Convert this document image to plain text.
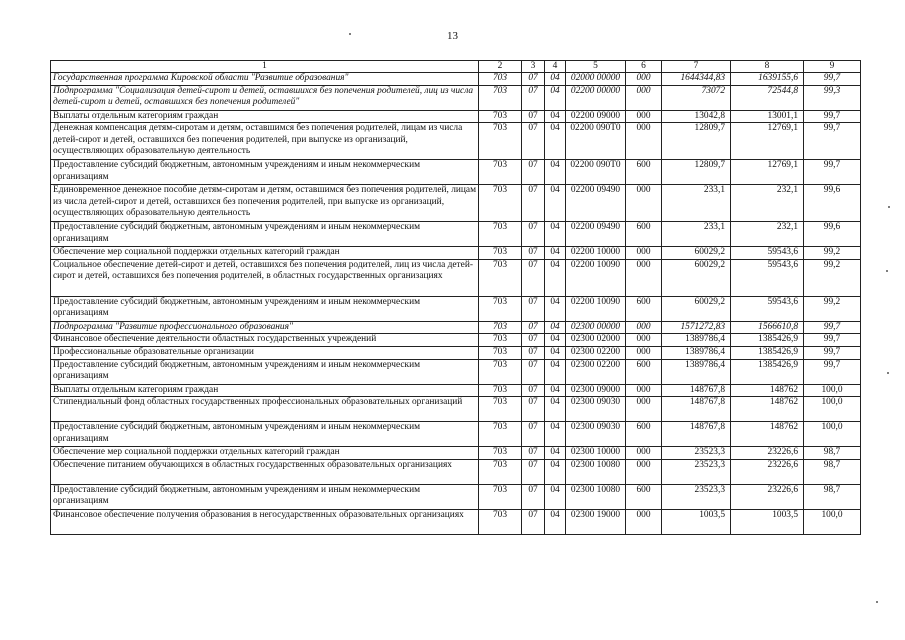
13
1	2	3	4	5	6	7	8	9
Государственная программа Кировской области "Развитие образования"	703	07	04	02000 00000	000	1644344,83	1639155,6	99,7
Подпрограмма "Социализация детей-сирот и детей, оставшихся без попечения родителей, лиц из числа детей-сирот и детей, оставшихся без попечения родителей"	703	07	04	02200 00000	000	73072	72544,8	99,3
Выплаты отдельным категориям граждан	703	07	04	02200 09000	000	13042,8	13001,1	99,7
Денежная компенсация детям-сиротам и детям, оставшимся без попечения родителей, лицам из числа детей-сирот и детей, оставшихся без попечения родителей, при выпуске из организаций, осуществляющих образовательную деятельность	703	07	04	02200 090Т0	000	12809,7	12769,1	99,7
Предоставление субсидий бюджетным, автономным учреждениям и иным некоммерческим организациям	703	07	04	02200 090Т0	600	12809,7	12769,1	99,7
Единовременное денежное пособие детям-сиротам и детям, оставшимся без попечения родителей, лицам из числа детей-сирот и детей, оставшихся без попечения родителей, при выпуске из организаций, осуществляющих образовательную деятельность	703	07	04	02200 09490	000	233,1	232,1	99,6
Предоставление субсидий бюджетным, автономным учреждениям и иным некоммерческим организациям	703	07	04	02200 09490	600	233,1	232,1	99,6
Обеспечение мер социальной поддержки отдельных категорий граждан	703	07	04	02200 10000	000	60029,2	59543,6	99,2
Социальное обеспечение детей-сирот и детей, оставшихся без попечения родителей, лиц из числа детей-сирот и детей, оставшихся без попечения родителей, в областных государственных организациях	703	07	04	02200 10090	000	60029,2	59543,6	99,2
Предоставление субсидий бюджетным, автономным учреждениям и иным некоммерческим организациям	703	07	04	02200 10090	600	60029,2	59543,6	99,2
Подпрограмма "Развитие профессионального образования"	703	07	04	02300 00000	000	1571272,83	1566610,8	99,7
Финансовое обеспечение деятельности областных государственных учреждений	703	07	04	02300 02000	000	1389786,4	1385426,9	99,7
Профессиональные образовательные организации	703	07	04	02300 02200	000	1389786,4	1385426,9	99,7
Предоставление субсидий бюджетным, автономным учреждениям и иным некоммерческим организациям	703	07	04	02300 02200	600	1389786,4	1385426,9	99,7
Выплаты отдельным категориям граждан	703	07	04	02300 09000	000	148767,8	148762	100,0
Стипендиальный фонд областных государственных профессиональных образовательных организаций	703	07	04	02300 09030	000	148767,8	148762	100,0
Предоставление субсидий бюджетным, автономным учреждениям и иным некоммерческим организациям	703	07	04	02300 09030	600	148767,8	148762	100,0
Обеспечение мер социальной поддержки отдельных категорий граждан	703	07	04	02300 10000	000	23523,3	23226,6	98,7
Обеспечение питанием обучающихся в областных государственных образовательных организациях	703	07	04	02300 10080	000	23523,3	23226,6	98,7
Предоставление субсидий бюджетным, автономным учреждениям и иным некоммерческим организациям	703	07	04	02300 10080	600	23523,3	23226,6	98,7
Финансовое обеспечение получения образования в негосударственных образовательных организациях	703	07	04	02300 19000	000	1003,5	1003,5	100,0
